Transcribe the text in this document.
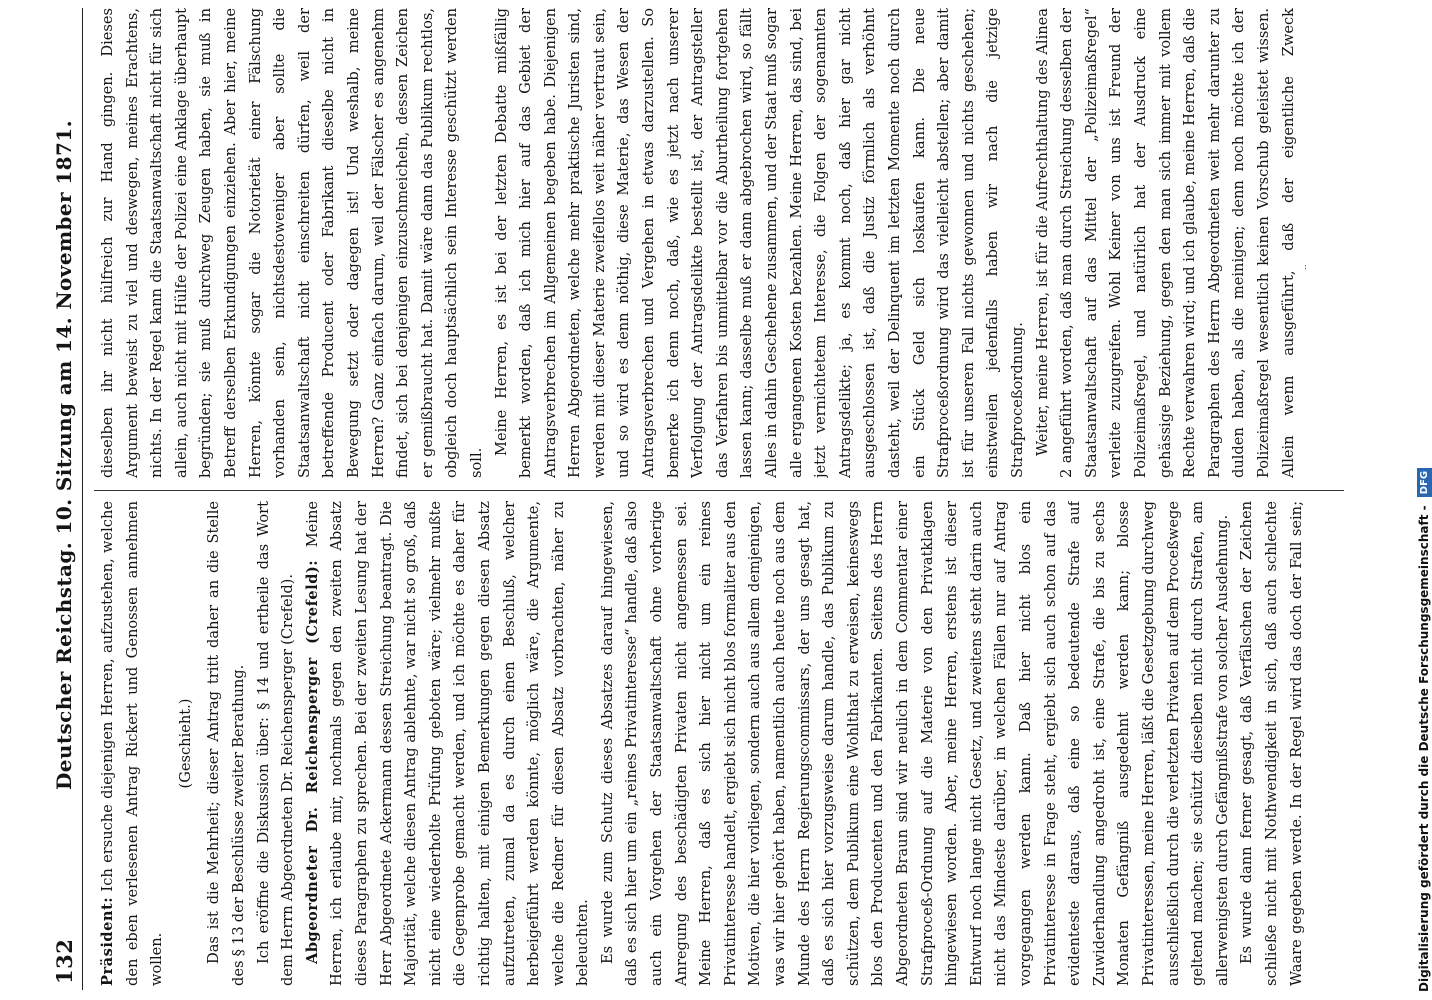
132
Deutscher Reichstag. 10. Sitzung am 14. November 1871.

Präsident: Ich ersuche diejenigen Herren, aufzustehen, welche den eben verlesenen Antrag Rickert und Genossen annehmen wollen.

(Geschieht.) Das ist die Mehrheit; dieser Antrag tritt daher an die Stelle des § 13 der Beschlüsse zweiter Berathung. Ich eröffne die Diskussion über: § 14 und ertheile das Wort dem Herrn Abgeordneten Dr. Reichensperger (Crefeld). Abgeordneter Dr. Reichensperger (Crefeld): Meine Herren, ich erlaube mir, nochmals gegen den zweiten Absatz dieses Paragraphen zu sprechen. Bei der zweiten Lesung hat der Herr Abgeordnete Ackermann dessen Streichung beantragt. Die Majorität, welche diesen Antrag ablehnte, war nicht so groß, daß nicht eine wiederholte Prüfung geboten wäre; vielmehr mußte die Gegenprobe gemacht werden, und ich möchte es daher für richtig halten, mit einigen Bemerkungen gegen diesen Absatz aufzutreten, zumal da es durch einen Beschluß, welcher herbeigeführt werden könnte, möglich wäre, die Argumente, welche die Redner für diesen Absatz vorbrachten, näher zu beleuchten. Es wurde zum Schutz dieses Absatzes darauf hingewiesen, daß es sich hier um ein „reines Privatinteresse“ handle, daß also auch ein Vorgehen der Staatsanwaltschaft ohne vorherige Anregung des beschädigten Privaten nicht angemessen sei. Meine Herren, daß es sich hier nicht um ein reines Privatinteresse handelt, ergiebt sich nicht blos formaliter aus den Motiven, die hier vorliegen, sondern auch aus allem demjenigen, was wir hier gehört haben, namentlich auch heute noch aus dem Munde des Herrn Regierungscommissars, der uns gesagt hat, daß es sich hier vorzugsweise darum handle, das Publikum zu schützen, dem Publikum eine Wohlthat zu erweisen, keineswegs blos den Producenten und den Fabrikanten. Seitens des Herrn Abgeordneten Braun sind wir neulich in dem Commentar einer Strafproceß-Ordnung auf die Materie von den Privatklagen hingewiesen worden. Aber, meine Herren, erstens ist dieser Entwurf noch lange nicht Gesetz, und zweitens steht darin auch nicht das Mindeste darüber, in welchen Fällen nur auf Antrag vorgegangen werden kann. Daß hier nicht blos ein Privatinteresse in Frage steht, ergiebt sich auch schon auf das evidenteste daraus, daß eine so bedeutende Strafe auf Zuwiderhandlung angedroht ist, eine Strafe, die bis zu sechs Monaten Gefängniß ausgedehnt werden kann; blosse Privatinteressen, meine Herren, läßt die Gesetzgebung durchweg ausschließlich durch die verletzten Privaten auf dem Proceßwege geltend machen; sie schützt dieselben nicht durch Strafen, am allerwenigsten durch Gefängnißstrafe von solcher Ausdehnung. Es wurde dann ferner gesagt, daß Verfälschen der Zeichen schließe nicht mit Nothwendigkeit in sich, daß auch schlechte Waare gegeben werde. In der Regel wird das doch der Fall sein;

dieselben ihr nicht hülfreich zur Hand gingen. Dieses Argument beweist zu viel und deswegen, meines Erachtens, nichts. In der Regel kann die Staatsanwaltschaft nicht für sich allein, auch nicht mit Hülfe der Polizei eine Anklage überhaupt begründen; sie muß durchweg Zeugen haben, sie muß in Betreff derselben Erkundigungen einziehen. Aber hier, meine Herren, könnte sogar die Notorietät einer Fälschung vorhanden sein, nichtsdestoweniger aber sollte die Staatsanwaltschaft nicht einschreiten dürfen, weil der betreffende Producent oder Fabrikant dieselbe nicht in Bewegung setzt oder dagegen ist! Und weshalb, meine Herren? Ganz einfach darum, weil der Fälscher es angenehm findet, sich bei denjenigen einzuschmeicheln, dessen Zeichen er gemißbraucht hat. Damit wäre dann das Publikum rechtlos, obgleich doch hauptsächlich sein Interesse geschützt werden soll.

Meine Herren, es ist bei der letzten Debatte mißfällig bemerkt worden, daß ich mich hier auf das Gebiet der Antragsverbrechen im Allgemeinen begeben habe. Diejenigen Herren Abgeordneten, welche mehr praktische Juristen sind, werden mit dieser Materie zweifellos weit näher vertraut sein, und so wird es denn nöthig, diese Materie, das Wesen der Antragsverbrechen und Vergehen in etwas darzustellen. So bemerke ich denn noch, daß, wie es jetzt nach unserer Verfolgung der Antragsdelikte bestellt ist, der Antragsteller das Verfahren bis unmittelbar vor die Aburtheilung fortgehen lassen kann; dasselbe muß er dann abgebrochen wird, so fällt Alles in dahin Geschehene zusammen, und der Staat muß sogar alle ergangenen Kosten bezahlen. Meine Herren, das sind, bei jetzt vernichtetem Interesse, die Folgen der sogenannten Antragsdelikte; ja, es kommt noch, daß hier gar nicht ausgeschlossen ist, daß die Justiz förmlich als verhöhnt dasteht, weil der Delinquent im letzten Momente noch durch ein Stück Geld sich loskaufen kann. Die neue Strafproceßordnung wird das vielleicht abstellen; aber damit ist für unseren Fall nichts gewonnen und nichts geschehen; einstweilen jedenfalls haben wir nach die jetzige Strafproceßordnung. Weiter, meine Herren, ist für die Aufrechthaltung des Alinea 2 angeführt worden, daß man durch Streichung desselben der Staatsanwaltschaft auf das Mittel der „Polizeimaßregel“ verleite zuzugreifen. Wohl Keiner von uns ist Freund der Polizeimaßregel, und natürlich hat der Ausdruck eine gehässige Beziehung, gegen den man sich immer mit vollem Rechte verwahren wird; und ich glaube, meine Herren, daß die Paragraphen des Herrn Abgeordneten weit mehr darunter zu dulden haben, als die meinigen; denn noch möchte ich der Polizeimaßregel wesentlich keinen Vorschub geleistet wissen. Allein wenn ausgeführt, daß der eigentliche Zweck

Digitalisierung gefördert durch die Deutsche Forschungsgemeinschaft - DFG
